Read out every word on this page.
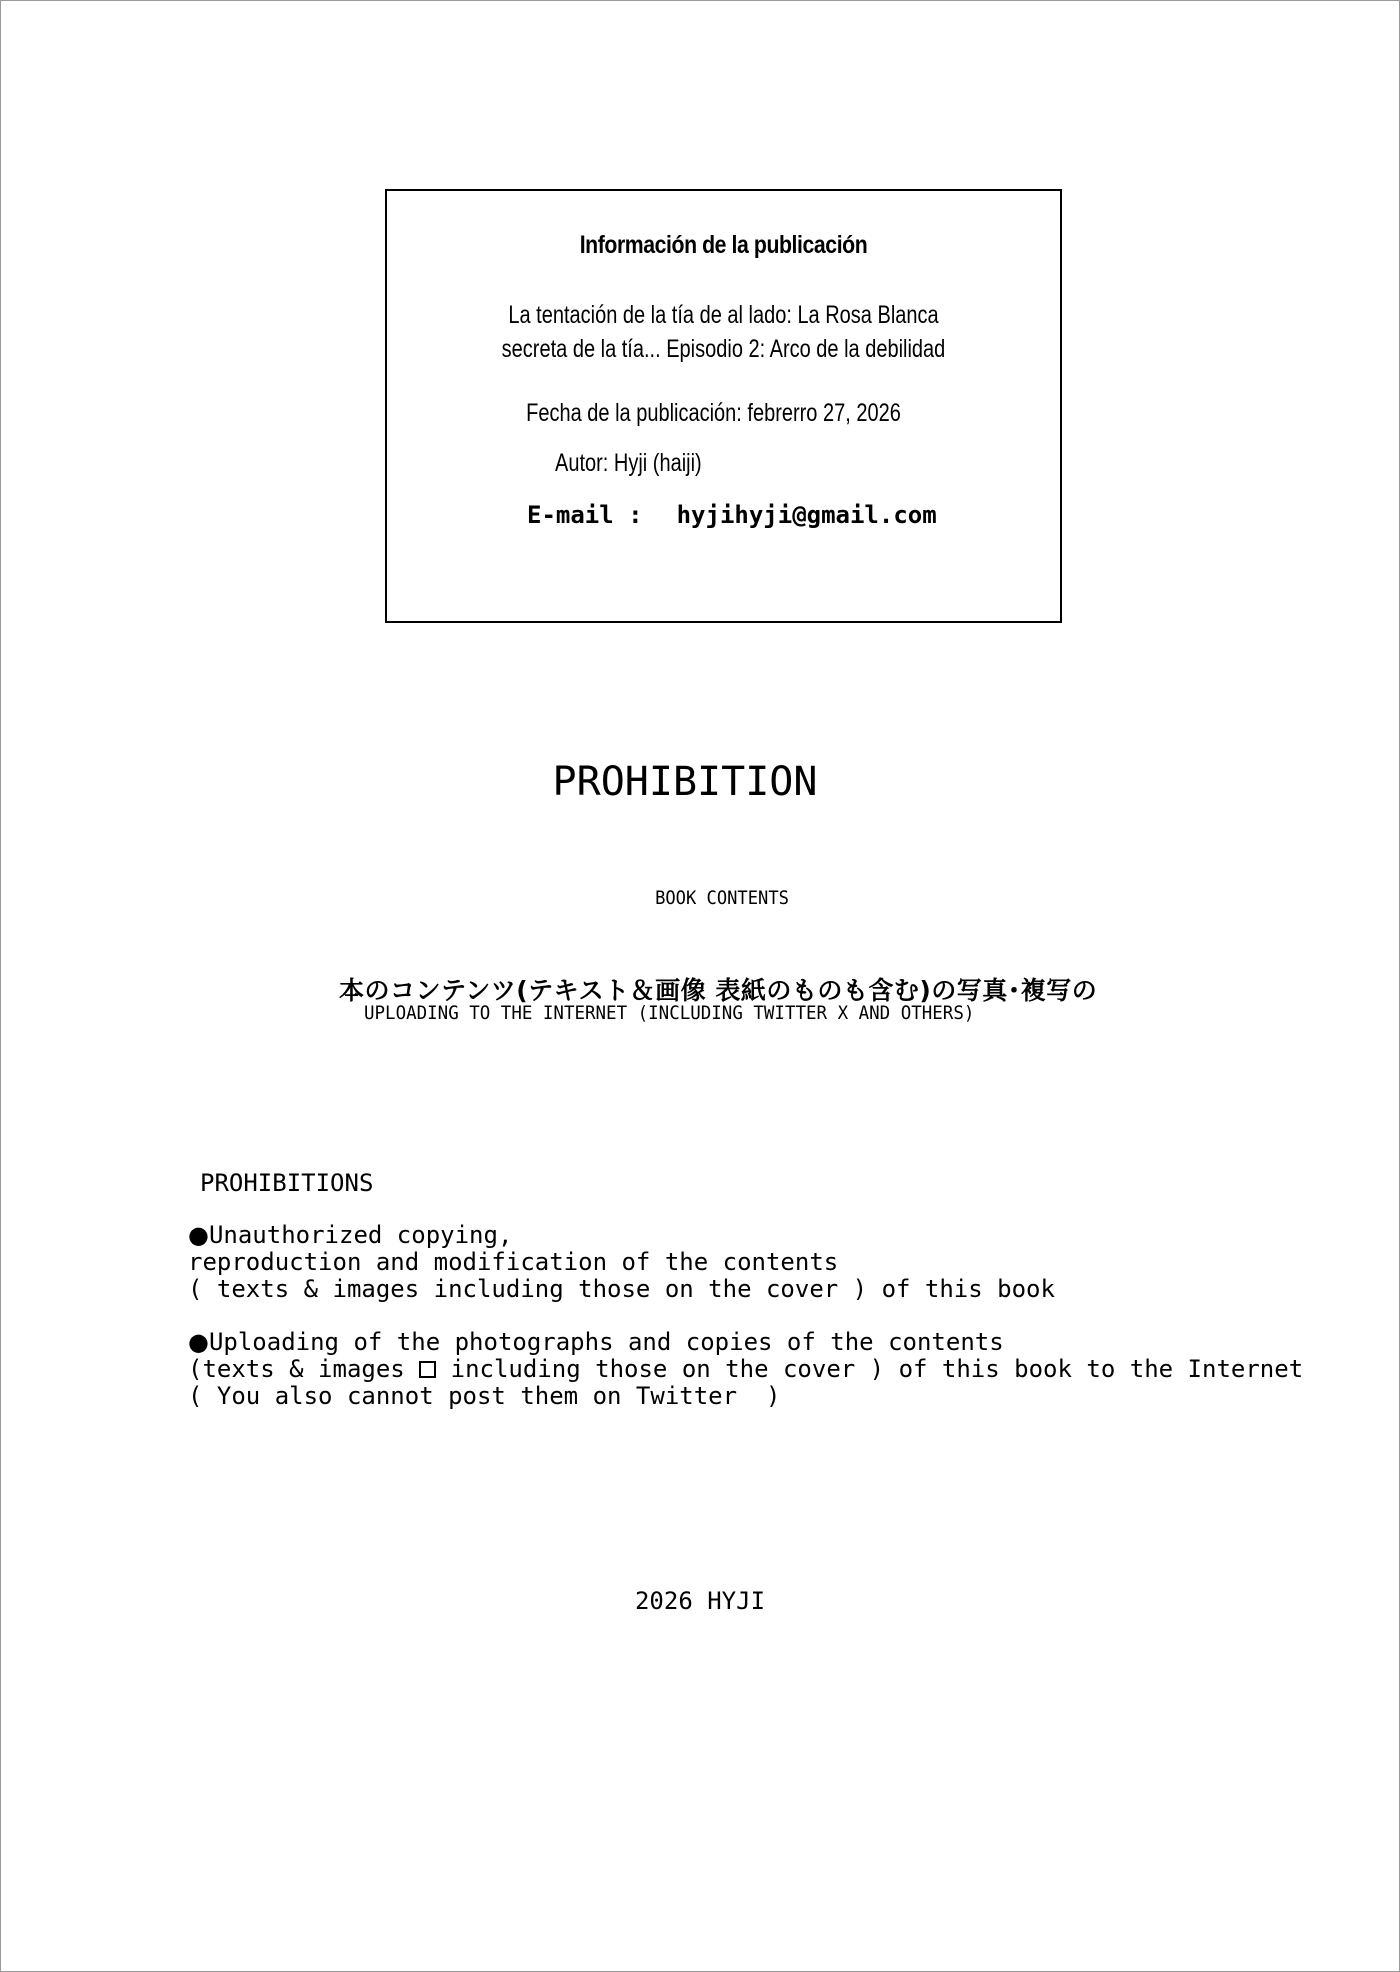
Información de la publicación
La tentación de la tía de al lado: La Rosa Blanca
secreta de la tía... Episodio 2: Arco de la debilidad
Fecha de la publicación: febrerro 27, 2026
Autor: Hyji (haiji)
E-mail : hyjihyji@gmail.com
PROHIBITION
BOOK CONTENTS
本のコンテンツ(テキスト＆画像 表紙のものも含む)の写真･複写の
UPLOADING TO THE INTERNET (INCLUDING TWITTER X AND OTHERS)
PROHIBITIONS
●Unauthorized copying,
reproduction and modification of the contents
( texts & images including those on the cover ) of this book
●Uploading of the photographs and copies of the contents
(texts & images  including those on the cover ) of this book to the Internet
( You also cannot post them on Twitter  )
2026 HYJI
